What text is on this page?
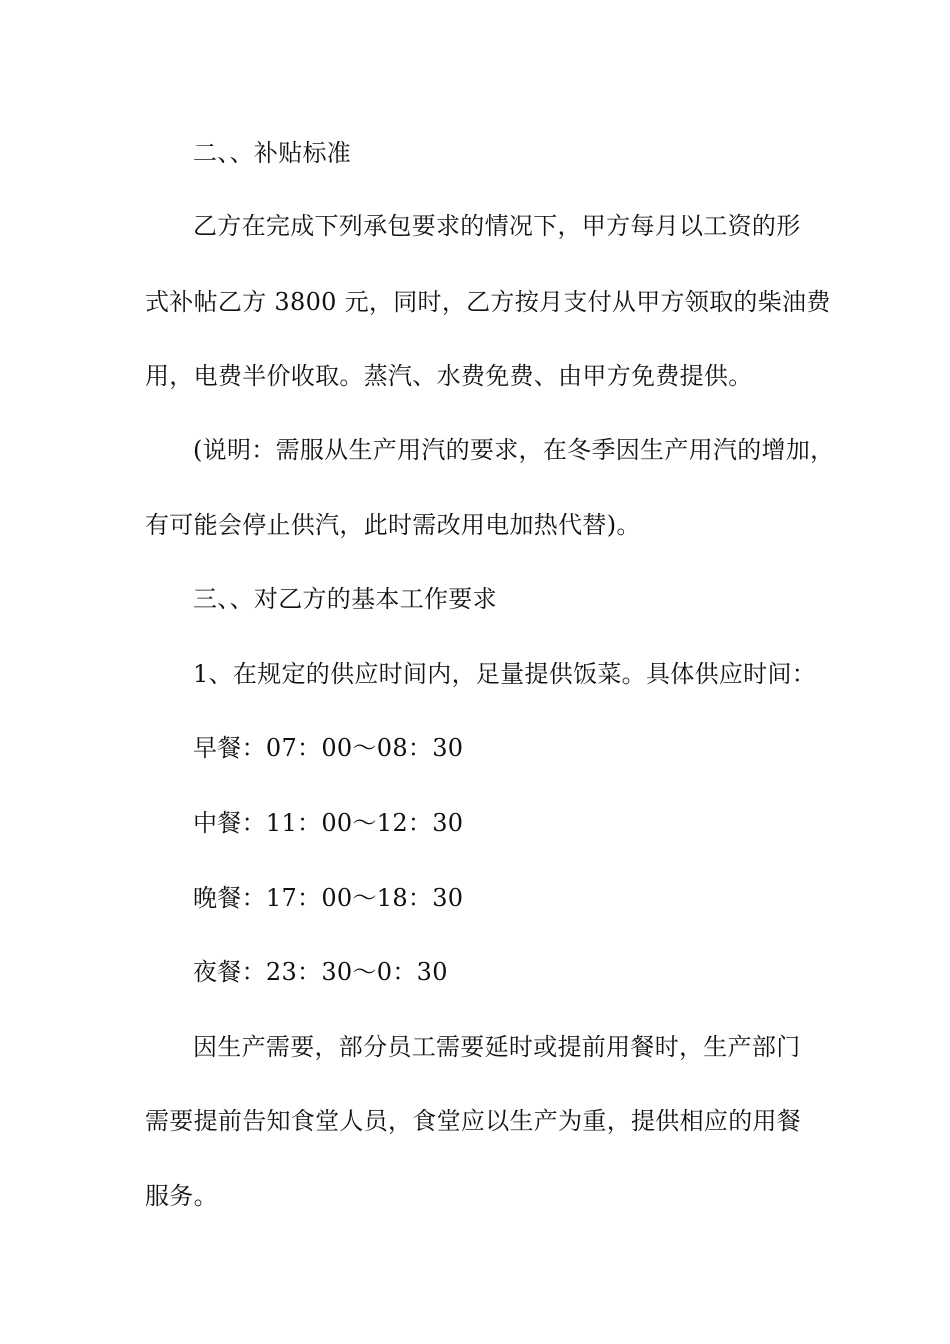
二、、补贴标准
乙方在完成下列承包要求的情况下，甲方每月以工资的形
式补帖乙方 3800 元，同时，乙方按月支付从甲方领取的柴油费
用，电费半价收取。蒸汽、水费免费、由甲方免费提供。
(说明：需服从生产用汽的要求，在冬季因生产用汽的增加，
有可能会停止供汽，此时需改用电加热代替)。
三、、对乙方的基本工作要求
1、在规定的供应时间内，足量提供饭菜。具体供应时间：
早餐：07：00～08：30
中餐：11：00～12：30
晚餐：17：00～18：30
夜餐：23：30～0：30
因生产需要，部分员工需要延时或提前用餐时，生产部门
需要提前告知食堂人员，食堂应以生产为重，提供相应的用餐
服务。
